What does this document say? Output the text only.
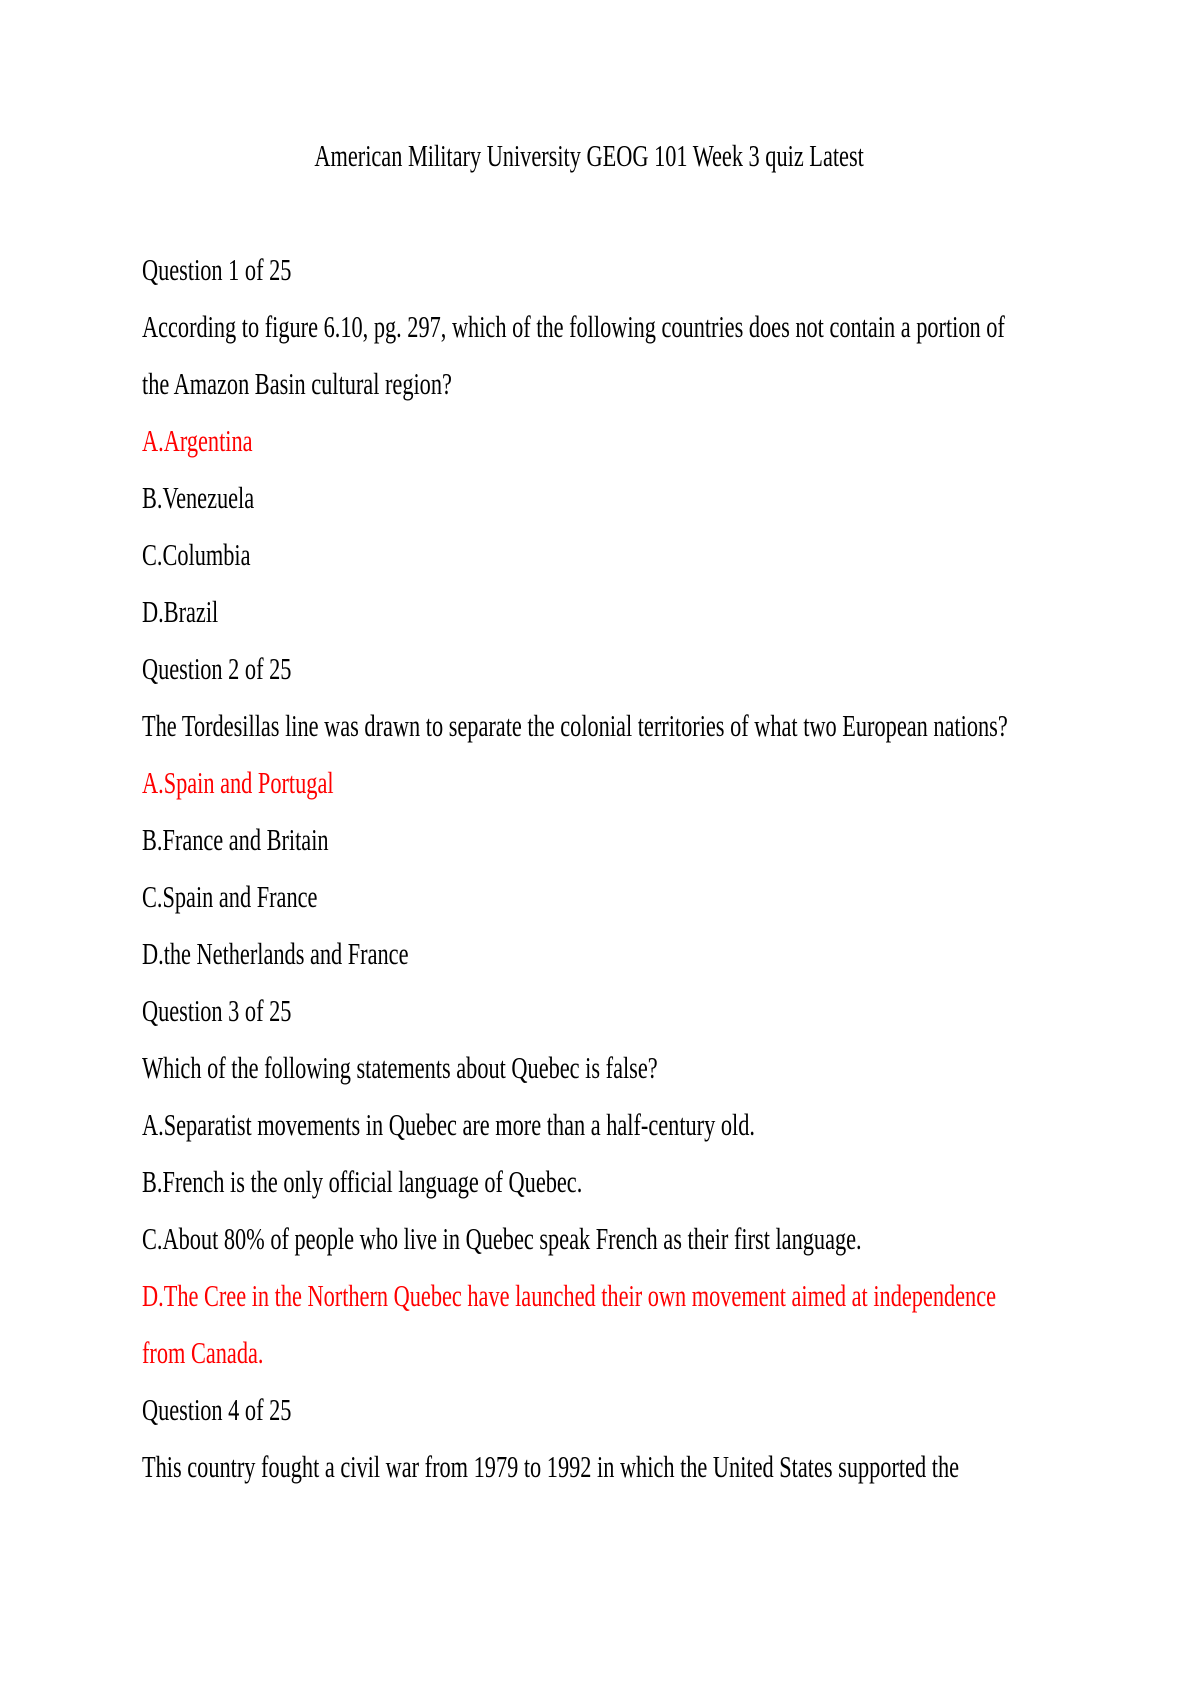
American Military University GEOG 101 Week 3 quiz Latest
Question 1 of 25
According to figure 6.10, pg. 297, which of the following countries does not contain a portion of
the Amazon Basin cultural region?
A.Argentina
B.Venezuela
C.Columbia
D.Brazil
Question 2 of 25
The Tordesillas line was drawn to separate the colonial territories of what two European nations?
A.Spain and Portugal
B.France and Britain
C.Spain and France
D.the Netherlands and France
Question 3 of 25
Which of the following statements about Quebec is false?
A.Separatist movements in Quebec are more than a half-century old.
B.French is the only official language of Quebec.
C.About 80% of people who live in Quebec speak French as their first language.
D.The Cree in the Northern Quebec have launched their own movement aimed at independence
from Canada.
Question 4 of 25
This country fought a civil war from 1979 to 1992 in which the United States supported the
